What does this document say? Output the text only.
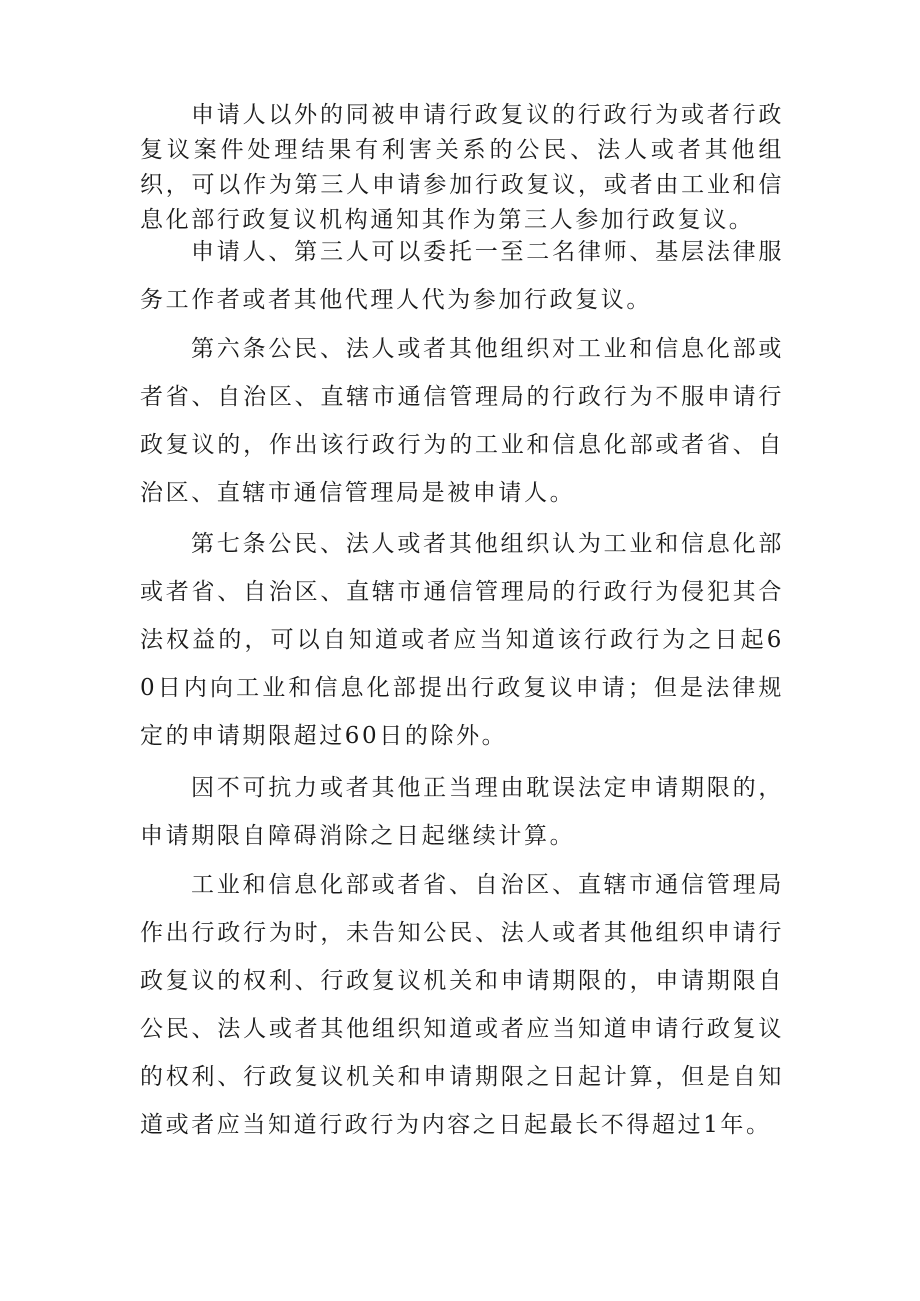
申请人以外的同被申请行政复议的行政行为或者行政复议案件处理结果有利害关系的公民、法人或者其他组织，可以作为第三人申请参加行政复议，或者由工业和信息化部行政复议机构通知其作为第三人参加行政复议。

申请人、第三人可以委托一至二名律师、基层法律服务工作者或者其他代理人代为参加行政复议。

第六条公民、法人或者其他组织对工业和信息化部或者省、自治区、直辖市通信管理局的行政行为不服申请行政复议的，作出该行政行为的工业和信息化部或者省、自治区、直辖市通信管理局是被申请人。

第七条公民、法人或者其他组织认为工业和信息化部或者省、自治区、直辖市通信管理局的行政行为侵犯其合法权益的，可以自知道或者应当知道该行政行为之日起60日内向工业和信息化部提出行政复议申请；但是法律规定的申请期限超过60日的除外。

因不可抗力或者其他正当理由耽误法定申请期限的，申请期限自障碍消除之日起继续计算。

工业和信息化部或者省、自治区、直辖市通信管理局作出行政行为时，未告知公民、法人或者其他组织申请行政复议的权利、行政复议机关和申请期限的，申请期限自公民、法人或者其他组织知道或者应当知道申请行政复议的权利、行政复议机关和申请期限之日起计算，但是自知道或者应当知道行政行为内容之日起最长不得超过1年。
